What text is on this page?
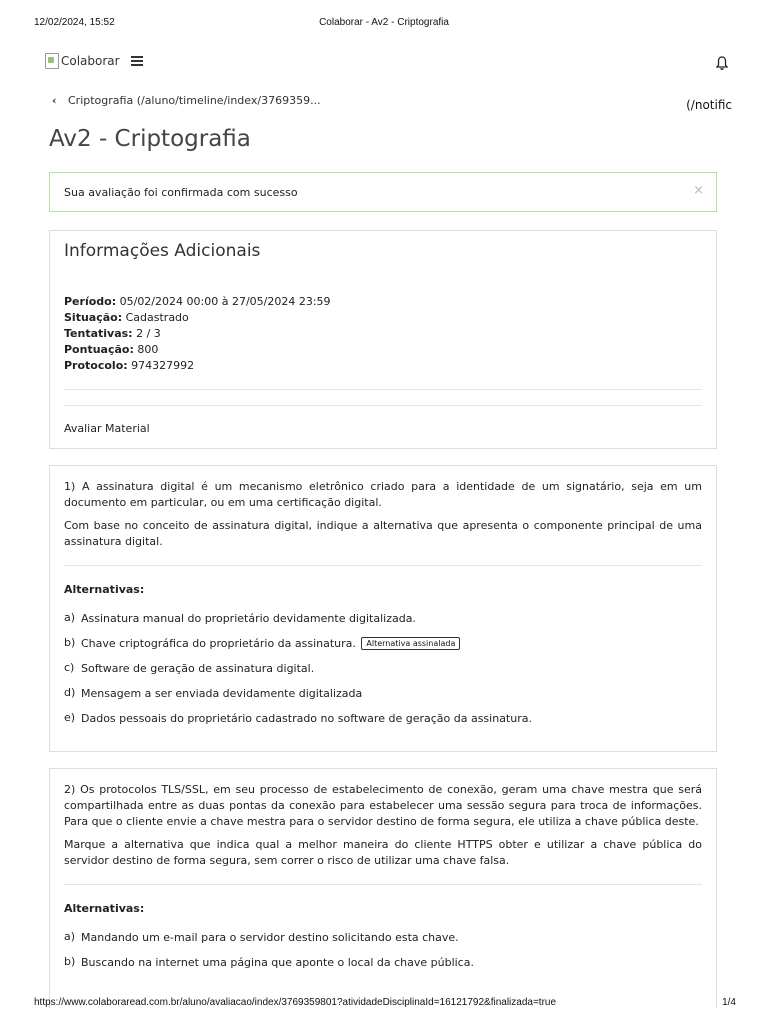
12/02/2024, 15:52	Colaborar - Av2 - Criptografia
Colaborar
‹ Criptografia (/aluno/timeline/index/3769359...	(/notific
Av2 - Criptografia
Sua avaliação foi confirmada com sucesso	×
Informações Adicionais
Período: 05/02/2024 00:00 à 27/05/2024 23:59
Situação: Cadastrado
Tentativas: 2 / 3
Pontuação: 800
Protocolo: 974327992
Avaliar Material
1) A assinatura digital é um mecanismo eletrônico criado para a identidade de um signatário, seja em um documento em particular, ou em uma certificação digital.
Com base no conceito de assinatura digital, indique a alternativa que apresenta o componente principal de uma assinatura digital.
Alternativas:
a) Assinatura manual do proprietário devidamente digitalizada.
b) Chave criptográfica do proprietário da assinatura. Alternativa assinalada
c) Software de geração de assinatura digital.
d) Mensagem a ser enviada devidamente digitalizada
e) Dados pessoais do proprietário cadastrado no software de geração da assinatura.
2) Os protocolos TLS/SSL, em seu processo de estabelecimento de conexão, geram uma chave mestra que será compartilhada entre as duas pontas da conexão para estabelecer uma sessão segura para troca de informações. Para que o cliente envie a chave mestra para o servidor destino de forma segura, ele utiliza a chave pública deste.
Marque a alternativa que indica qual a melhor maneira do cliente HTTPS obter e utilizar a chave pública do servidor destino de forma segura, sem correr o risco de utilizar uma chave falsa.
Alternativas:
a) Mandando um e-mail para o servidor destino solicitando esta chave.
b) Buscando na internet uma página que aponte o local da chave pública.
https://www.colaboraread.com.br/aluno/avaliacao/index/3769359801?atividadeDisciplinaId=16121792&finalizada=true	1/4
